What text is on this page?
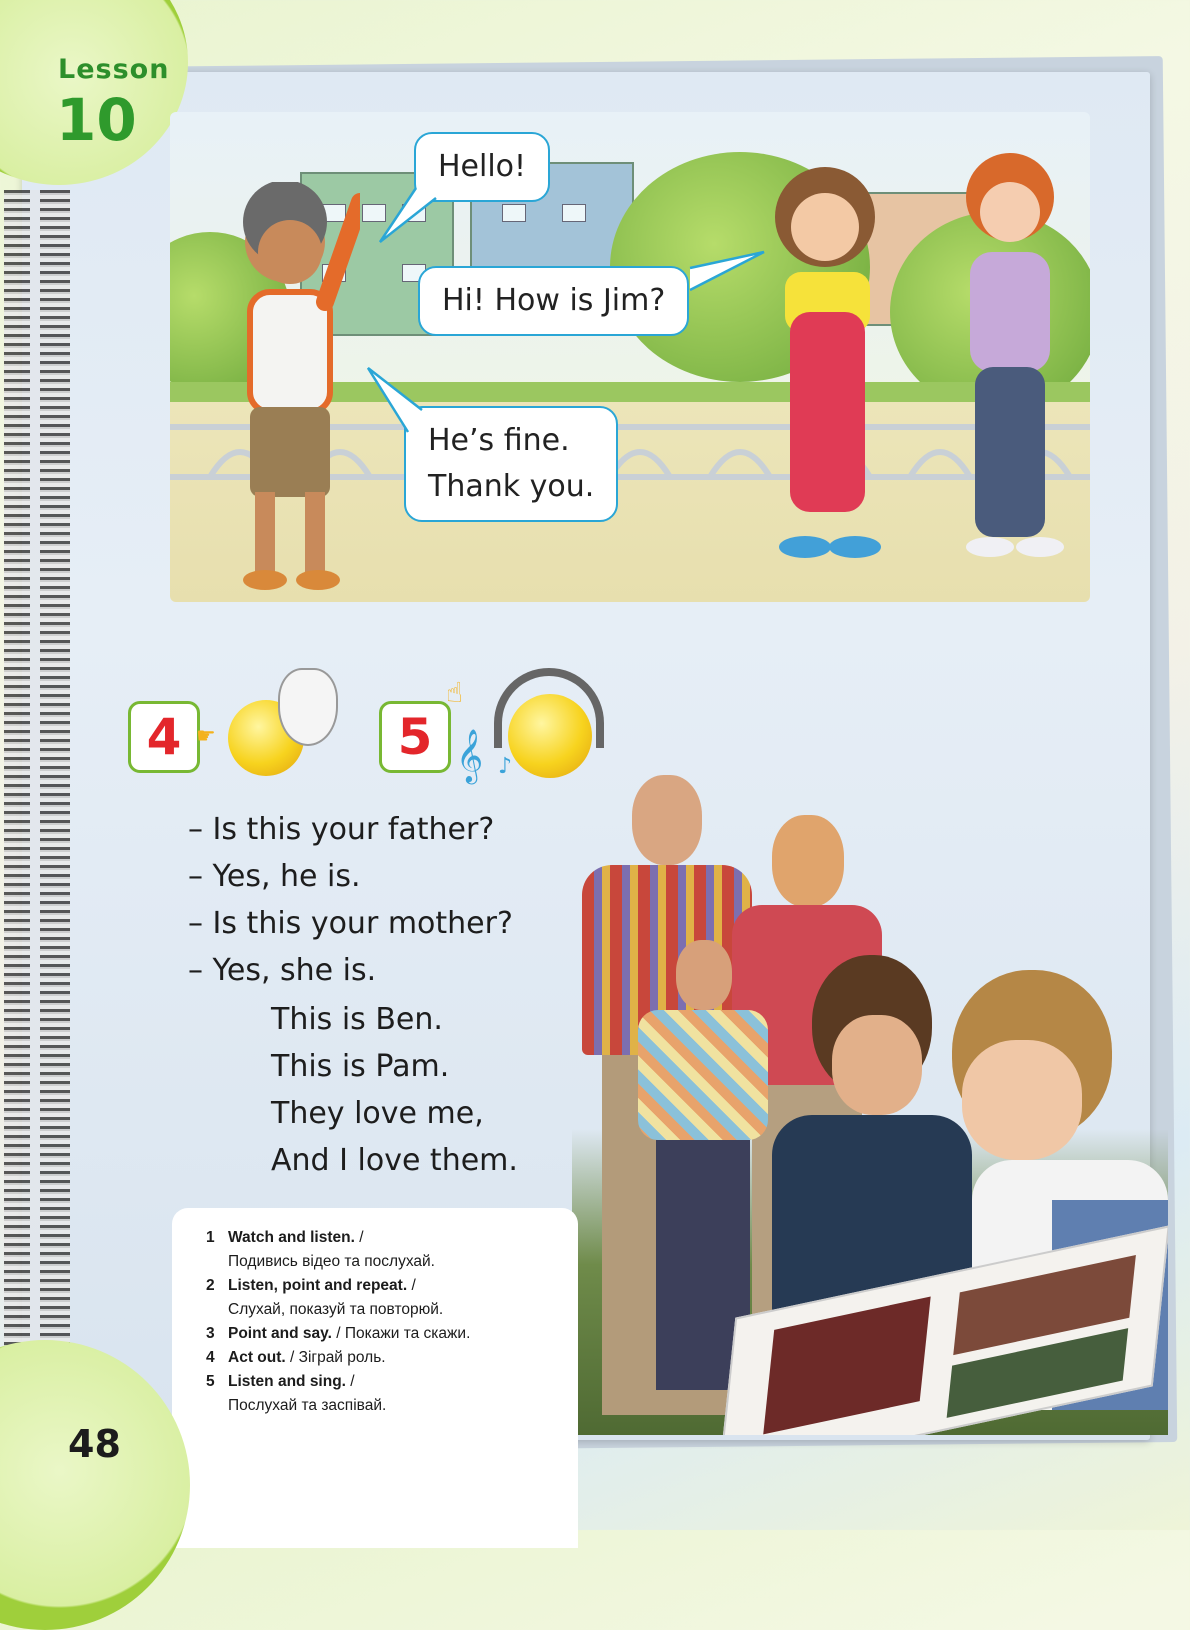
Lesson
10
Hello!
Hi! How is Jim?
He’s fine.
Thank you.
4 ☛	5
☝
𝄞 ♪
– Is this your father?
– Yes, he is.
– Is this your mother?
– Yes, she is.
This is Ben.
This is Pam.
They love me,
And I love them.
1 Watch and listen. /
Подивись відео та послухай.
2 Listen, point and repeat. /
Слухай, показуй та повторюй.
3 Point and say. / Покажи та скажи.
4 Act out. / Зіграй роль.
5 Listen and sing. /
Послухай та заспівай.
48
